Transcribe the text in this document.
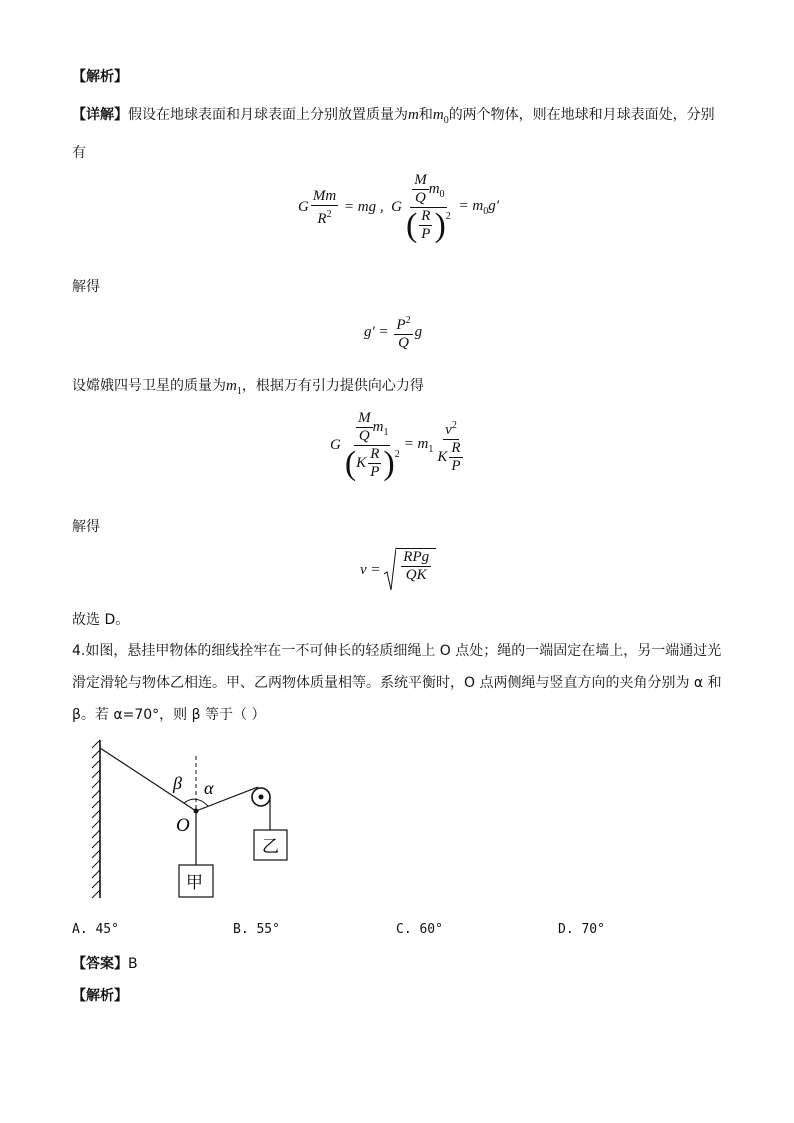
【解析】
【详解】假设在地球表面和月球表面上分别放置质量为m和$m_0$的两个物体，则在地球和月球表面处，分别
有
G $\frac{Mm}{R^2}$ = mg ,  G $\frac{\frac{M}{Q} m_0}{( \frac{R}{P} )^2} = m_0g'$
解得
$g' = \frac{P^2}{Q}$ g
设嫦娥四号卫星的质量为$m_1$，根据万有引力提供向心力得
G $\frac{\frac{M}{Q} m_1}{( K \frac{R}{P} )^2} = m_1 \frac{v^2}{K \frac{R}{P}}$
解得
$v = \frac{\text{RPg}}{QK}$
故选 D。
4.如图，悬挂甲物体的细线拴牢在一不可伸长的轻质细绳上 O 点处；绳的一端固定在墙上，另一端通过光
滑定滑轮与物体乙相连。甲、乙两物体质量相等。系统平衡时，O 点两侧绳与竖直方向的夹角分别为 α 和
β。若 α=70°，则 β 等于（ ）
β α
O
甲
乙
A. 45°	B. 55°	C. 60°	D. 70°
【答案】B
【解析】
